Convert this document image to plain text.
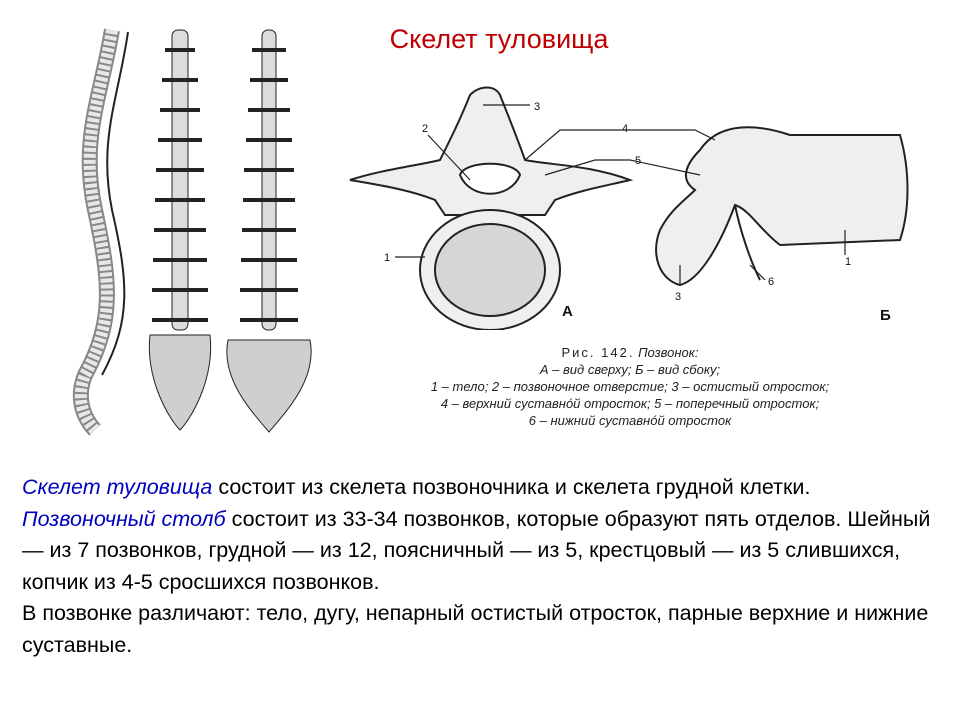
Скелет туловища
3
2
1
4
5
1
3
6
А	Б
Рис. 142. Позвонок:
А – вид сверху; Б – вид сбоку;
1 – тело; 2 – позвоночное отверстие; 3 – остистый отросток;
4 – верхний суставнóй отросток; 5 – поперечный отросток;
6 – нижний суставнóй отросток

Скелет туловища состоит из скелета позвоночника и скелета грудной клетки.

Позвоночный столб состоит из 33-34 позвонков, которые образуют пять отделов. Шейный — из 7 позвонков, грудной — из 12, поясничный — из 5, крестцовый — из 5 слившихся, копчик из 4-5 сросшихся позвонков.

В позвонке различают: тело, дугу, непарный остистый отросток, парные верхние и нижние суставные.
